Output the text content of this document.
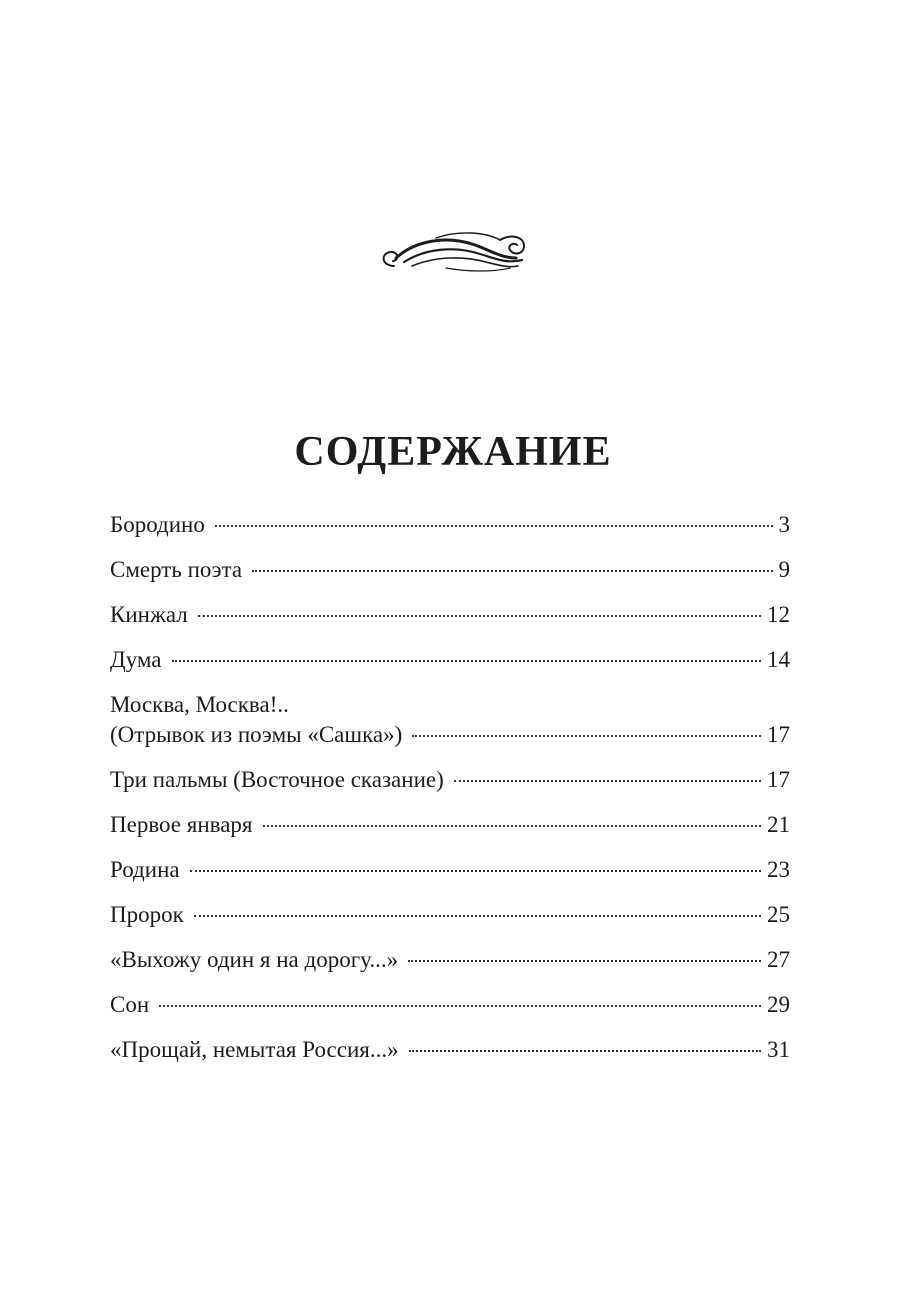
СОДЕРЖАНИЕ
Бородино	3
Смерть поэта	9
Кинжал	12
Дума	14
Москва, Москва!..
(Отрывок из поэмы «Сашка»)	17
Три пальмы (Восточное сказание)	17
Первое января	21
Родина	23
Пророк	25
«Выхожу один я на дорогу...»	27
Сон	29
«Прощай, немытая Россия...»	31
